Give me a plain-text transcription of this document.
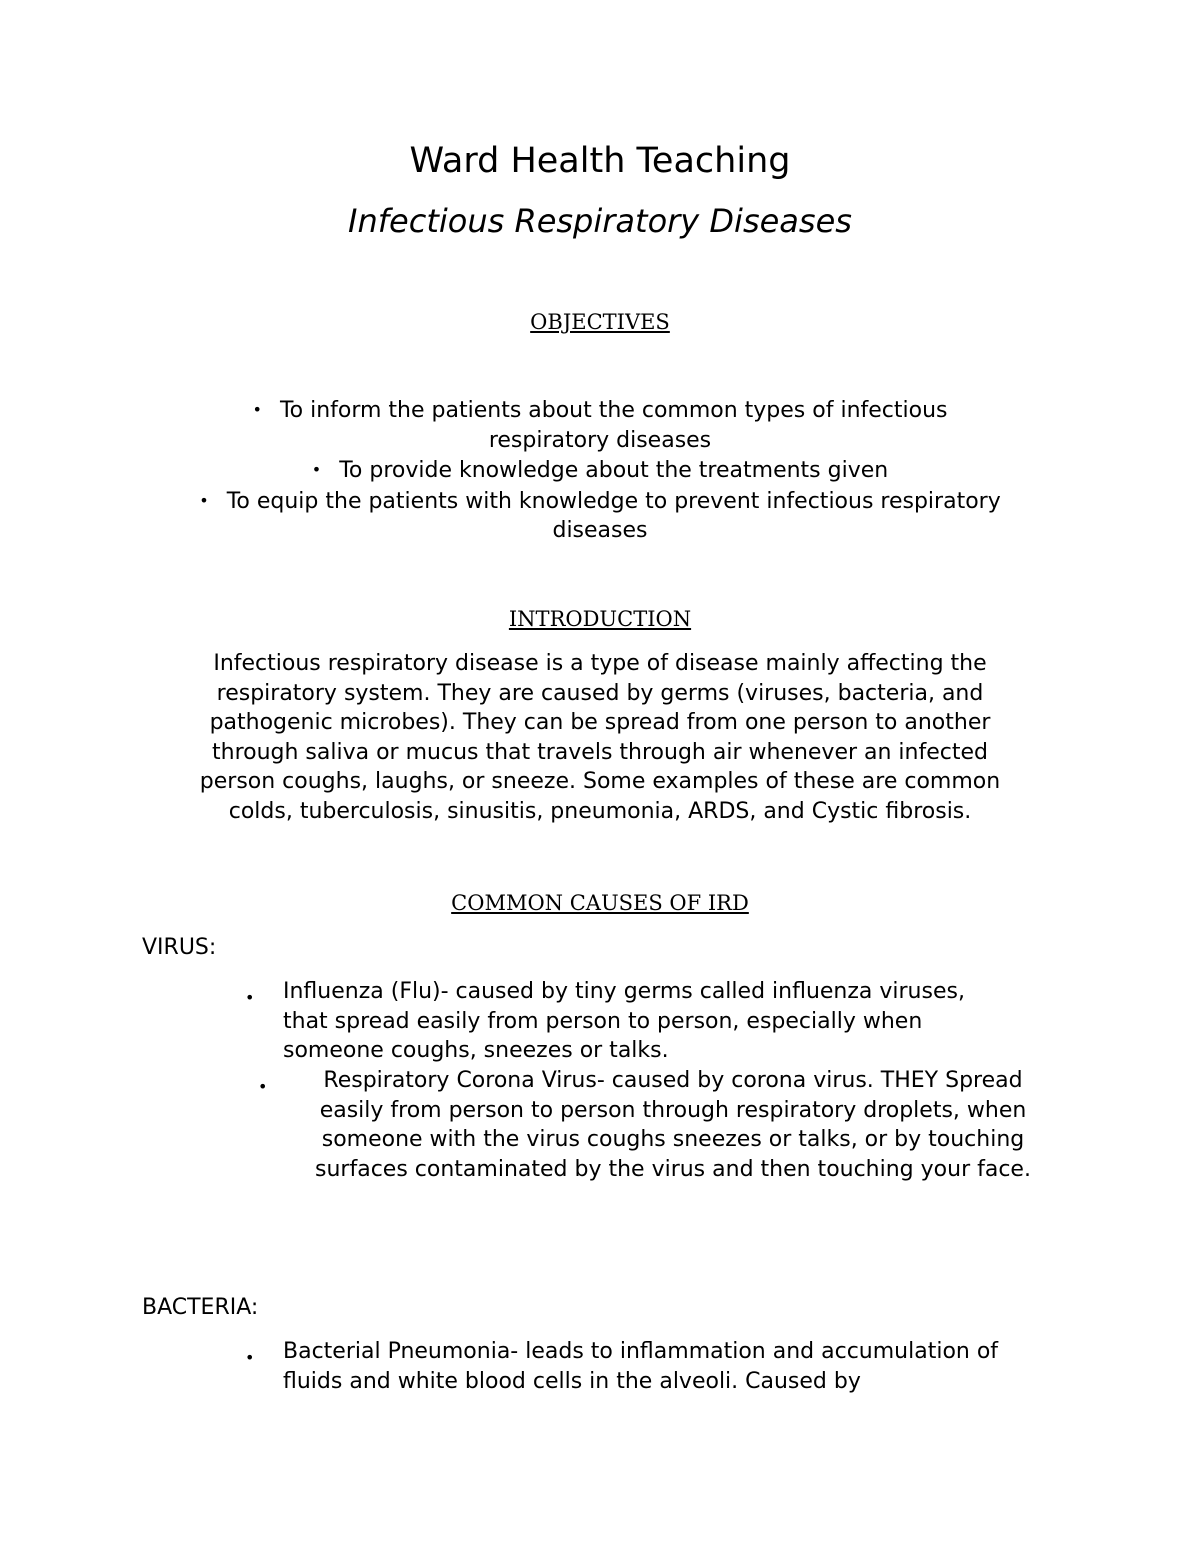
Ward Health Teaching
Infectious Respiratory Diseases
OBJECTIVES

• To inform the patients about the common types of infectious

respiratory diseases

• To provide knowledge about the treatments given

• To equip the patients with knowledge to prevent infectious respiratory

diseases

INTRODUCTION
Infectious respiratory disease is a type of disease mainly affecting the
respiratory system. They are caused by germs (viruses, bacteria, and
pathogenic microbes). They can be spread from one person to another
through saliva or mucus that travels through air whenever an infected
person coughs, laughs, or sneeze. Some examples of these are common
colds, tuberculosis, sinusitis, pneumonia, ARDS, and Cystic fibrosis.
COMMON CAUSES OF IRD
VIRUS:
• Influenza (Flu)- caused by tiny germs called influenza viruses,
that spread easily from person to person, especially when
someone coughs, sneezes or talks.
•	Respiratory Corona Virus- caused by corona virus. THEY Spread
easily from person to person through respiratory droplets, when
someone with the virus coughs sneezes or talks, or by touching
surfaces contaminated by the virus and then touching your face.
BACTERIA:
• Bacterial Pneumonia- leads to inflammation and accumulation of
fluids and white blood cells in the alveoli. Caused by
